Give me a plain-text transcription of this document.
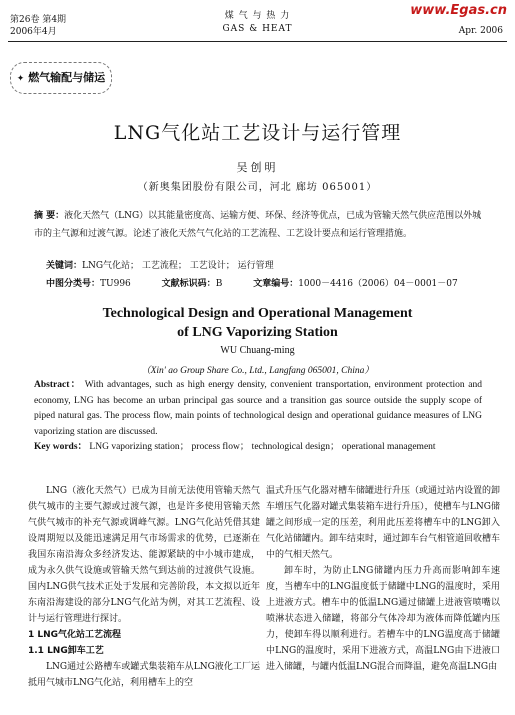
第26卷 第4期
2006年4月
煤 气 与 热 力
GAS & HEAT
www.Egas.cn
Apr. 2006
✦ 燃气输配与储运
LNG气化站工艺设计与运行管理
吴创明
（新奥集团股份有限公司，河北 廊坊 065001）
摘 要：液化天然气（LNG）以其能量密度高、运输方便、环保、经济等优点，已成为管输天然气供应范围以外城市的主气源和过渡气源。论述了液化天然气气化站的工艺流程、工艺设计要点和运行管理措施。
关键词：LNG气化站； 工艺流程； 工艺设计； 运行管理
中图分类号：TU996	文献标识码：B	文章编号：1000－4416（2006）04－0001－07
Technological Design and Operational Management
of LNG Vaporizing Station
WU Chuang-ming
（Xin' ao Group Share Co., Ltd., Langfang 065001, China）
Abstract： With advantages, such as high energy density, convenient transportation, environment protection and economy, LNG has become an urban principal gas source and a transition gas source outside the supply scope of piped natural gas. The process flow, main points of technological design and operational guidance measures of LNG vaporizing station are discussed.
Key words： LNG vaporizing station； process flow； technological design； operational management

LNG（液化天然气）已成为目前无法使用管输天然气供气城市的主要气源或过渡气源，也是许多使用管输天然气供气城市的补充气源或调峰气源。LNG气化站凭借其建设周期短以及能迅速满足用气市场需求的优势，已逐渐在我国东南沿海众多经济发达、能源紧缺的中小城市建成，成为永久供气设施或管输天然气到达前的过渡供气设施。国内LNG供气技术正处于发展和完善阶段，本文拟以近年东南沿海建设的部分LNG气化站为例，对其工艺流程、设计与运行管理进行探讨。

1 LNG气化站工艺流程
1.1 LNG卸车工艺

LNG通过公路槽车或罐式集装箱车从LNG液化工厂运抵用气城市LNG气化站，利用槽车上的空

温式升压气化器对槽车储罐进行升压（或通过站内设置的卸车增压气化器对罐式集装箱车进行升压），使槽车与LNG储罐之间形成一定的压差，利用此压差将槽车中的LNG卸入气化站储罐内。卸车结束时，通过卸车台气相管道回收槽车中的气相天然气。

卸车时，为防止LNG储罐内压力升高而影响卸车速度，当槽车中的LNG温度低于储罐中LNG的温度时，采用上进液方式。槽车中的低温LNG通过储罐上进液管喷嘴以喷淋状态进入储罐，将部分气体冷却为液体而降低罐内压力，使卸车得以顺利进行。若槽车中的LNG温度高于储罐中LNG的温度时，采用下进液方式，高温LNG由下进液口进入储罐，与罐内低温LNG混合而降温，避免高温LNG由
